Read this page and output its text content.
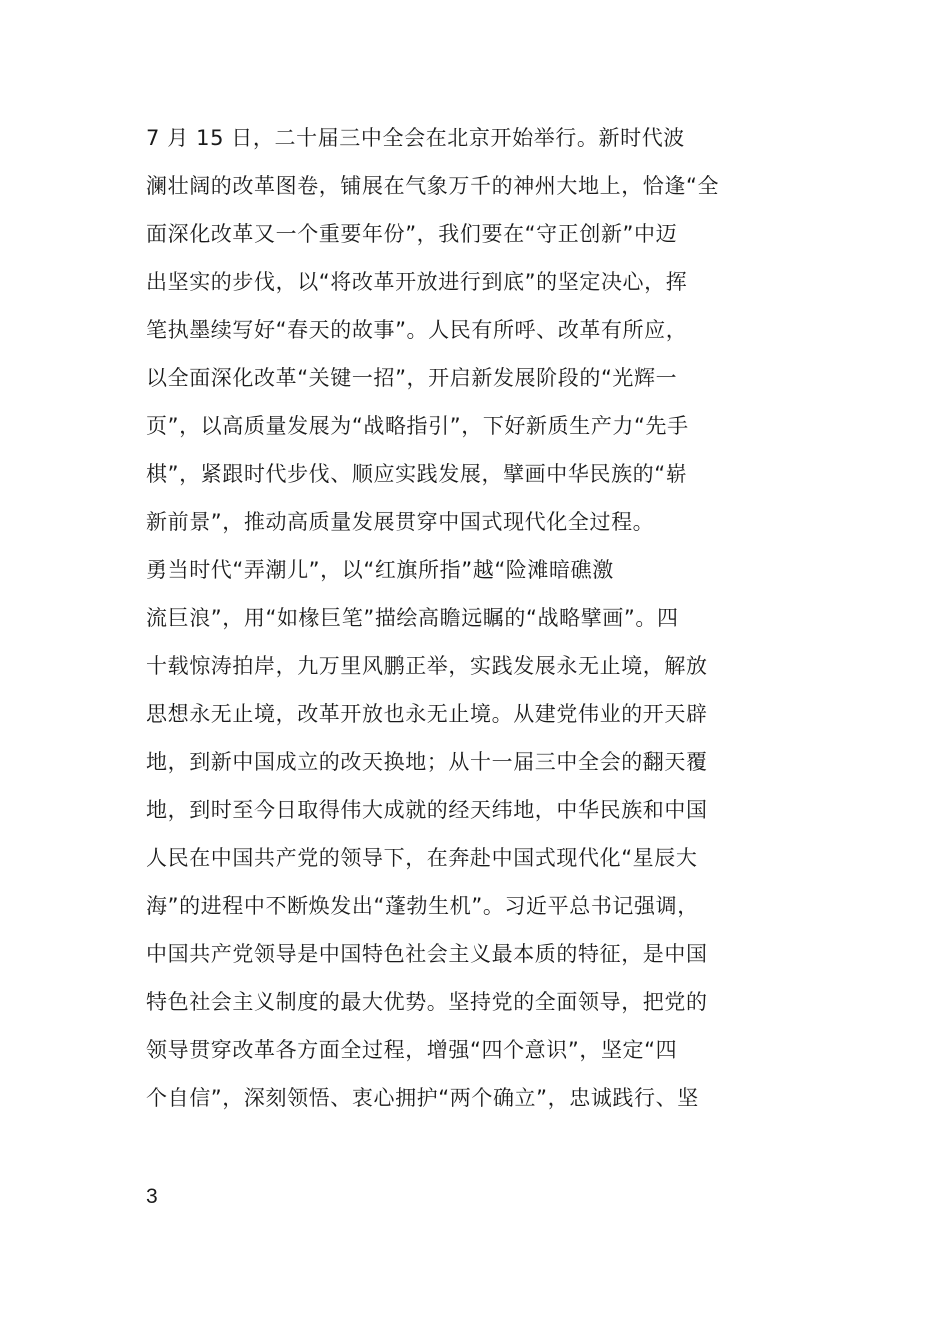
7 月 15 日，二十届三中全会在北京开始举行。新时代波
澜壮阔的改革图卷，铺展在气象万千的神州大地上，恰逢“全
面深化改革又一个重要年份”，我们要在“守正创新”中迈
出坚实的步伐，以“将改革开放进行到底”的坚定决心，挥
笔执墨续写好“春天的故事”。人民有所呼、改革有所应，
以全面深化改革“关键一招”，开启新发展阶段的“光辉一
页”，以高质量发展为“战略指引”，下好新质生产力“先手
棋”，紧跟时代步伐、顺应实践发展，擘画中华民族的“崭
新前景”，推动高质量发展贯穿中国式现代化全过程。
勇当时代“弄潮儿”，以“红旗所指”越“险滩暗礁激
流巨浪”，用“如椽巨笔”描绘高瞻远瞩的“战略擘画”。四
十载惊涛拍岸，九万里风鹏正举，实践发展永无止境，解放
思想永无止境，改革开放也永无止境。从建党伟业的开天辟
地，到新中国成立的改天换地；从十一届三中全会的翻天覆
地，到时至今日取得伟大成就的经天纬地，中华民族和中国
人民在中国共产党的领导下，在奔赴中国式现代化“星辰大
海”的进程中不断焕发出“蓬勃生机”。习近平总书记强调，
中国共产党领导是中国特色社会主义最本质的特征，是中国
特色社会主义制度的最大优势。坚持党的全面领导，把党的
领导贯穿改革各方面全过程，增强“四个意识”，坚定“四
个自信”，深刻领悟、衷心拥护“两个确立”，忠诚践行、坚
3
